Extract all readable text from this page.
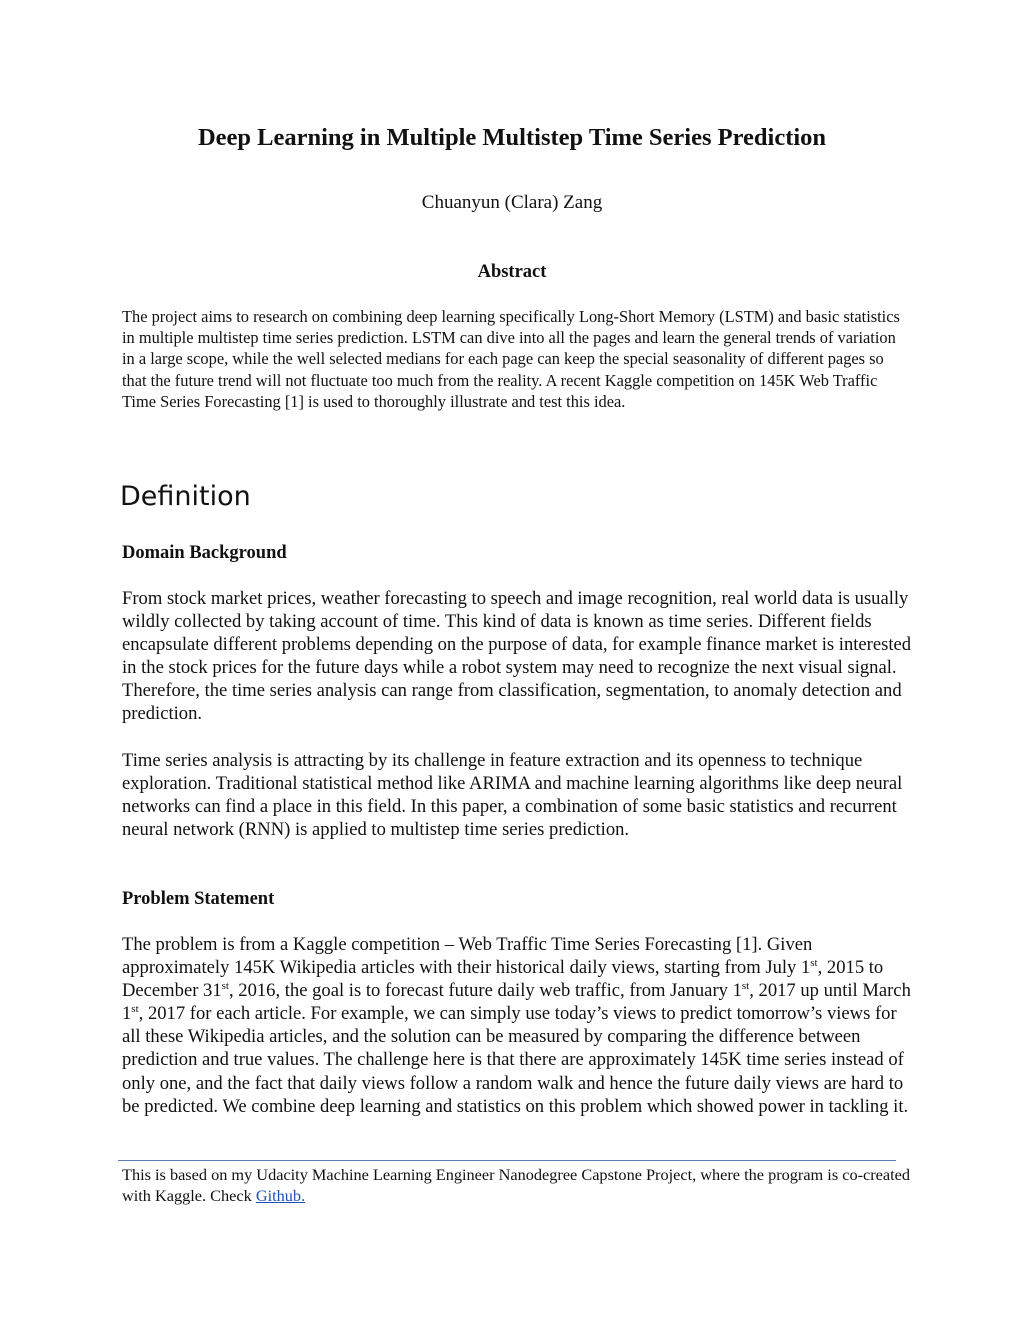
Deep Learning in Multiple Multistep Time Series Prediction

Chuanyun (Clara) Zang

Abstract

The project aims to research on combining deep learning specifically Long-Short Memory (LSTM) and basic statistics in multiple multistep time series prediction. LSTM can dive into all the pages and learn the general trends of variation in a large scope, while the well selected medians for each page can keep the special seasonality of different pages so that the future trend will not fluctuate too much from the reality. A recent Kaggle competition on 145K Web Traffic Time Series Forecasting [1] is used to thoroughly illustrate and test this idea.

Definition
Domain Background

From stock market prices, weather forecasting to speech and image recognition, real world data is usually wildly collected by taking account of time. This kind of data is known as time series. Different fields encapsulate different problems depending on the purpose of data, for example finance market is interested in the stock prices for the future days while a robot system may need to recognize the next visual signal. Therefore, the time series analysis can range from classification, segmentation, to anomaly detection and prediction.

Time series analysis is attracting by its challenge in feature extraction and its openness to technique exploration. Traditional statistical method like ARIMA and machine learning algorithms like deep neural networks can find a place in this field. In this paper, a combination of some basic statistics and recurrent neural network (RNN) is applied to multistep time series prediction.

Problem Statement

The problem is from a Kaggle competition – Web Traffic Time Series Forecasting [1]. Given approximately 145K Wikipedia articles with their historical daily views, starting from July 1st, 2015 to December 31st, 2016, the goal is to forecast future daily web traffic, from January 1st, 2017 up until March 1st, 2017 for each article. For example, we can simply use today’s views to predict tomorrow’s views for all these Wikipedia articles, and the solution can be measured by comparing the difference between prediction and true values. The challenge here is that there are approximately 145K time series instead of only one, and the fact that daily views follow a random walk and hence the future daily views are hard to be predicted. We combine deep learning and statistics on this problem which showed power in tackling it.

This is based on my Udacity Machine Learning Engineer Nanodegree Capstone Project, where the program is co-created with Kaggle. Check Github.
